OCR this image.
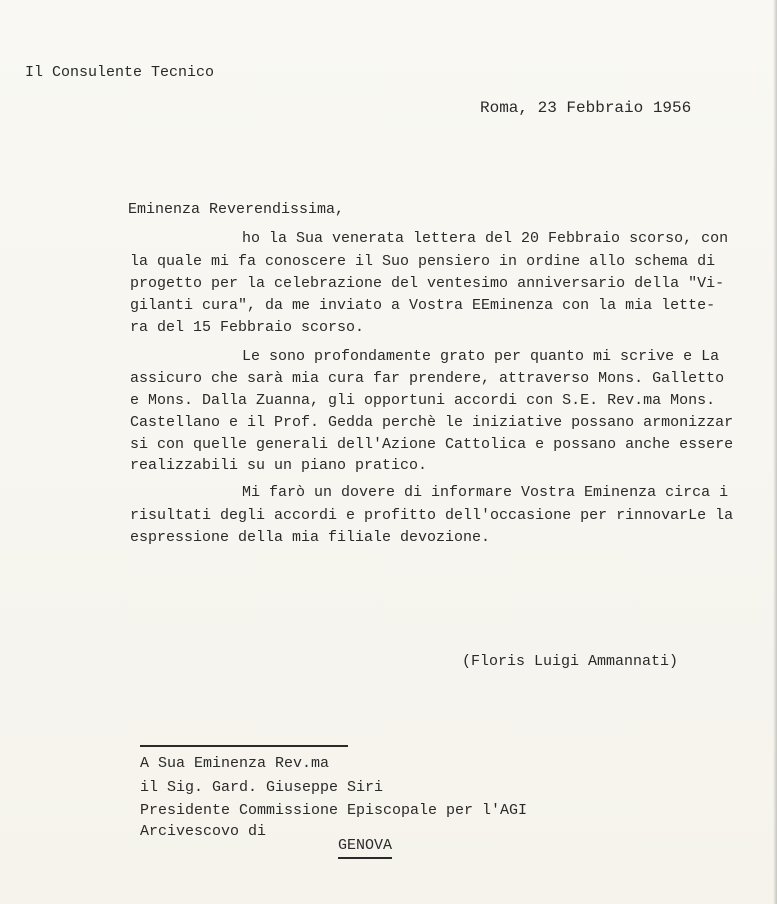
Il Consulente Tecnico
Roma, 23 Febbraio 1956
Eminenza Reverendissima,
ho la Sua venerata lettera del 20 Febbraio scorso, con
la quale mi fa conoscere il Suo pensiero in ordine allo schema di
progetto per la celebrazione del ventesimo anniversario della "Vi-
gilanti cura", da me inviato a Vostra EEminenza con la mia lette-
ra del 15 Febbraio scorso.
Le sono profondamente grato per quanto mi scrive e La
assicuro che sarà mia cura far prendere, attraverso Mons. Galletto
e Mons. Dalla Zuanna, gli opportuni accordi con S.E. Rev.ma Mons.
Castellano e il Prof. Gedda perchè le iniziative possano armonizzar
si con quelle generali dell'Azione Cattolica e possano anche essere
realizzabili su un piano pratico.
Mi farò un dovere di informare Vostra Eminenza circa i
risultati degli accordi e profitto dell'occasione per rinnovarLe la
espressione della mia filiale devozione.
(Floris Luigi Ammannati)
A Sua Eminenza Rev.ma
il Sig. Gard. Giuseppe Siri
Presidente Commissione Episcopale per l'AGI
Arcivescovo di
GENOVA
